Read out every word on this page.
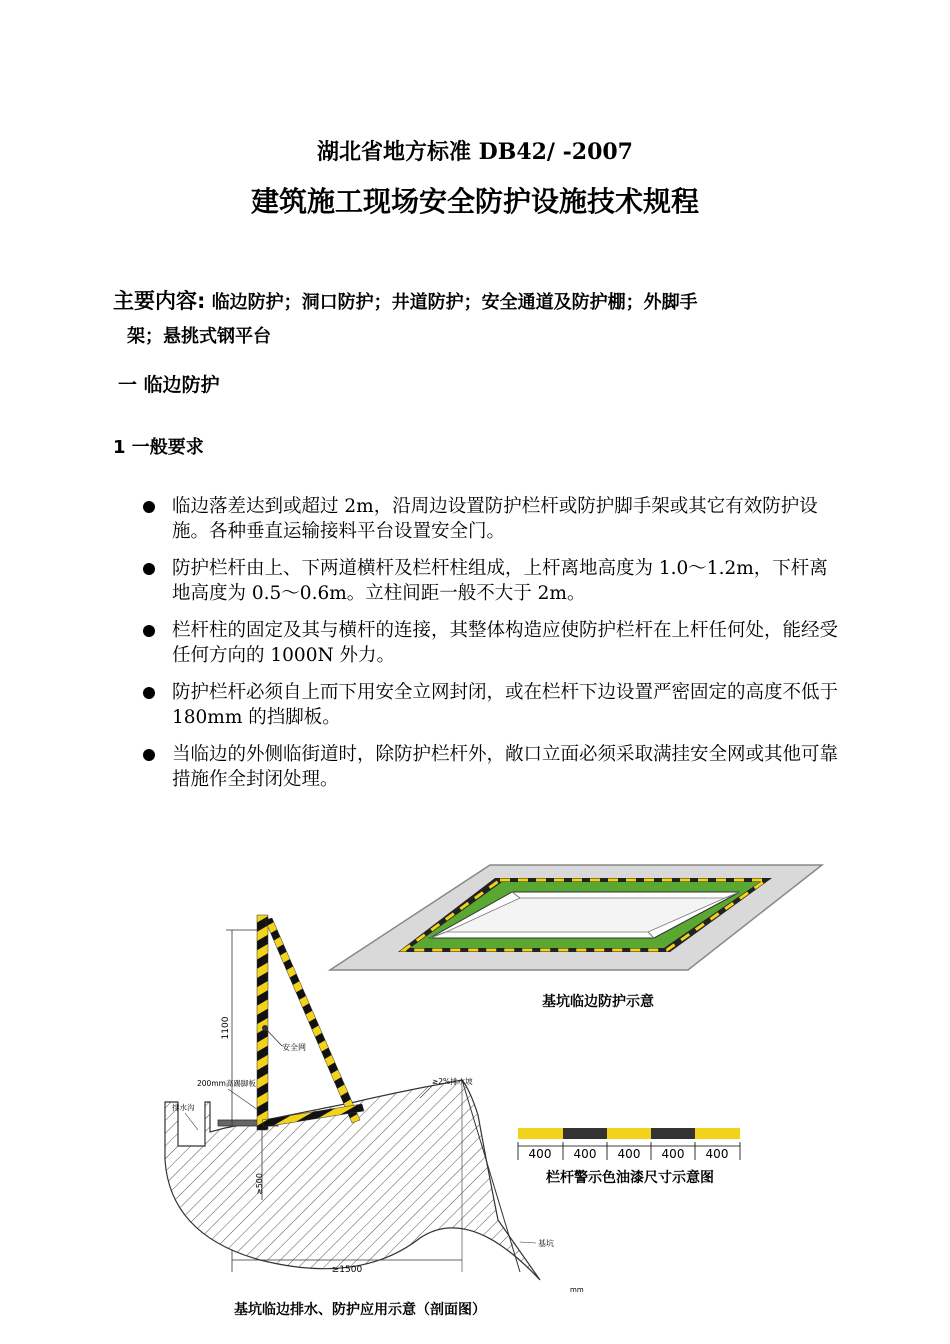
湖北省地方标准 DB42/ -2007
建筑施工现场安全防护设施技术规程
主要内容: 临边防护；洞口防护；井道防护；安全通道及防护棚；外脚手
架；悬挑式钢平台
一 临边防护
1 一般要求
临边落差达到或超过 2m，沿周边设置防护栏杆或防护脚手架或其它有效防护设施。各种垂直运输接料平台设置安全门。
防护栏杆由上、下两道横杆及栏杆柱组成，上杆离地高度为 1.0～1.2m，下杆离地高度为 0.5～0.6m。立柱间距一般不大于 2m。
栏杆柱的固定及其与横杆的连接，其整体构造应使防护栏杆在上杆任何处，能经受任何方向的 1000N 外力。
防护栏杆必须自上而下用安全立网封闭，或在栏杆下边设置严密固定的高度不低于 180mm 的挡脚板。
当临边的外侧临街道时，除防护栏杆外，敞口立面必须采取满挂安全网或其他可靠措施作全封闭处理。
基坑临边防护示意
400 400 400 400 400
栏杆警示色油漆尺寸示意图
安全网
1100
200mm高踢脚板	≥2%排水坡
排水沟
≥500
基坑
≥1500
mm
基坑临边排水、防护应用示意（剖面图）
